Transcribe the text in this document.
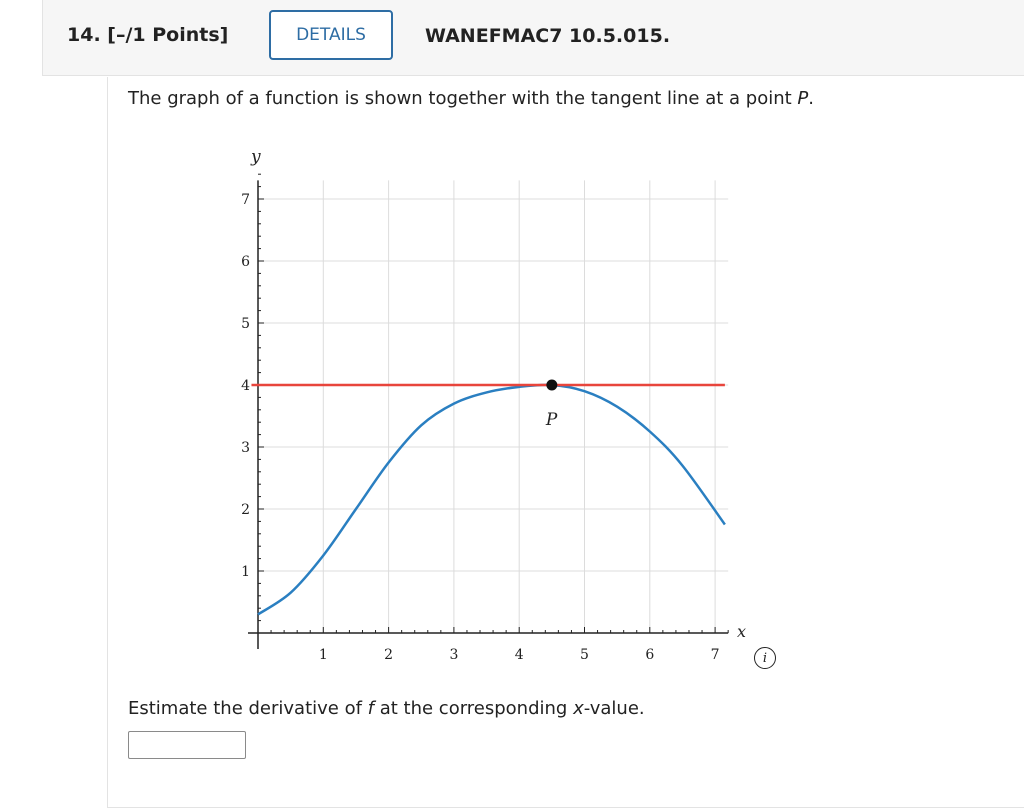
14. [–/1 Points]	DETAILS	WANEFMAC7 10.5.015.
The graph of a function is shown together with the tangent line at a point P.
1	2	3	4	5	6	7
1
2
3
4
5
6
7
x
y
P
i
Estimate the derivative of f at the corresponding x-value.
